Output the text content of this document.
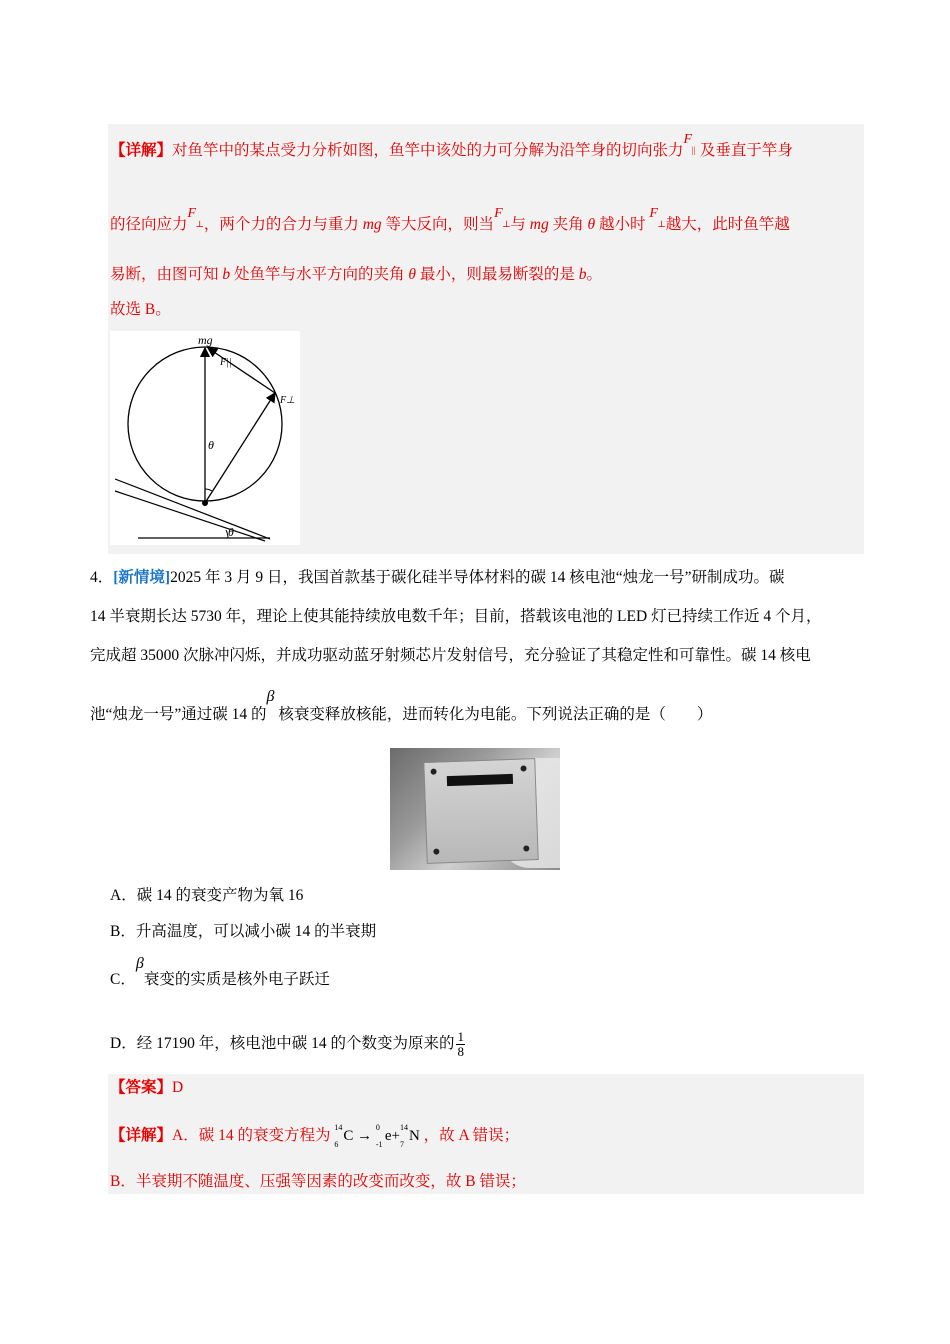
【详解】对鱼竿中的某点受力分析如图，鱼竿中该处的力可分解为沿竿身的切向张力F
|| 及垂直于竿身
的径向应力F
⊥ ，两个力的合力与重力 mg 等大反向，则当F
⊥ 与 mg 夹角 θ 越小时 F
⊥ 越大，此时鱼竿越
易断，由图可知 b 处鱼竿与水平方向的夹角 θ 最小，则最易断裂的是 b。
故选 B。
mg
F||
F⊥
θ
θ
4．[新情境]2025 年 3 月 9 日，我国首款基于碳化硅半导体材料的碳 14 核电池“烛龙一号”研制成功。碳
14 半衰期长达 5730 年，理论上使其能持续放电数千年；目前，搭载该电池的 LED 灯已持续工作近 4 个月，
完成超 35000 次脉冲闪烁，并成功驱动蓝牙射频芯片发射信号，充分验证了其稳定性和可靠性。碳 14 核电
池“烛龙一号”通过碳 14 的β 核衰变释放核能，进而转化为电能。下列说法正确的是（　　）
A．碳 14 的衰变产物为氧 16
B．升高温度，可以减小碳 14 的半衰期
C．β衰变的实质是核外电子跃迁
D．经 17190 年，核电池中碳 14 的个数变为原来的 $\frac{1}{8}$
【答案】D
【详解】A．碳 14 的衰变方程为 14
6
C →
0
-1
e+
14
7
N ，故 A 错误；
B．半衰期不随温度、压强等因素的改变而改变，故 B 错误；
